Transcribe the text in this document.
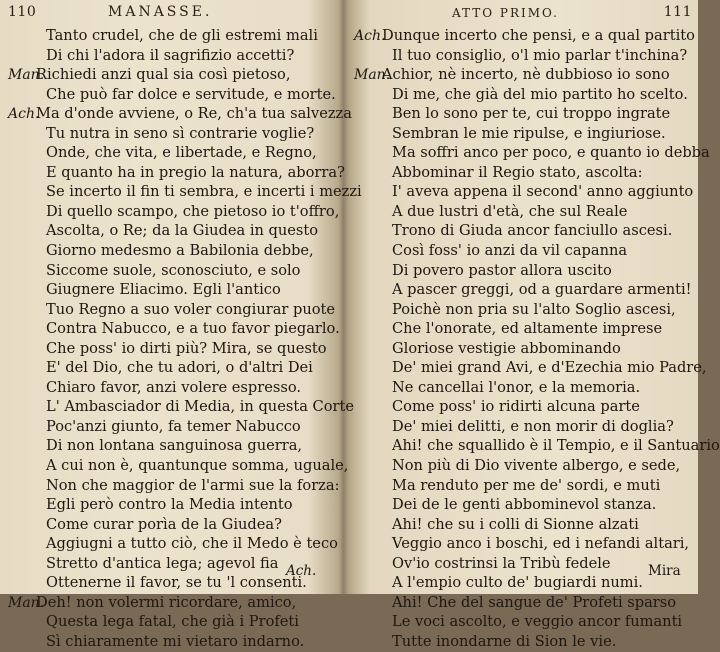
110	MANASSE.
Tanto crudel, che de gli estremi mali
Di chi l'adora il sagrifizio accetti?
Man.Richiedi anzi qual sia così pietoso,
Che può far dolce e servitude, e morte.
Ach.Ma d'onde avviene, o Re, ch'a tua salvezza
Tu nutra in seno sì contrarie voglie?
Onde, che vita, e libertade, e Regno,
E quanto ha in pregio la natura, aborra?
Se incerto il fin ti sembra, e incerti i mezzi
Di quello scampo, che pietoso io t'offro,
Ascolta, o Re; da la Giudea in questo
Giorno medesmo a Babilonia debbe,
Siccome suole, sconosciuto, e solo
Giugnere Eliacimo. Egli l'antico
Tuo Regno a suo voler congiurar puote
Contra Nabucco, e a tuo favor piegarlo.
Che poss' io dirti più? Mira, se questo
E' del Dio, che tu adori, o d'altri Dei
Chiaro favor, anzi volere espresso.
L' Ambasciador di Media, in questa Corte
Poc'anzi giunto, fa temer Nabucco
Di non lontana sanguinosa guerra,
A cui non è, quantunque somma, uguale,
Non che maggior de l'armi sue la forza:
Egli però contro la Media intento
Come curar porìa de la Giudea?
Aggiugni a tutto ciò, che il Medo è teco
Stretto d'antica lega; agevol fia
Ottenerne il favor, se tu 'l consenti.
Man.Deh! non volermi ricordare, amico,
Questa lega fatal, che già i Profeti
Sì chiaramente mi vietaro indarno.
Ach.
ATTO PRIMO.	111
Ach.Dunque incerto che pensi, e a qual partito
Il tuo consiglio, o'l mio parlar t'inchina?
Man.Achior, nè incerto, nè dubbioso io sono
Di me, che già del mio partito ho scelto.
Ben lo sono per te, cui troppo ingrate
Sembran le mie ripulse, e ingiuriose.
Ma soffri anco per poco, e quanto io debba
Abbominar il Regio stato, ascolta:
I' aveva appena il second' anno aggiunto
A due lustri d'età, che sul Reale
Trono di Giuda ancor fanciullo ascesi.
Così foss' io anzi da vil capanna
Di povero pastor allora uscito
A pascer greggi, od a guardare armenti!
Poichè non pria su l'alto Soglio ascesi,
Che l'onorate, ed altamente imprese
Gloriose vestigie abbominando
De' miei grand Avi, e d'Ezechia mio Padre,
Ne cancellai l'onor, e la memoria.
Come poss' io ridirti alcuna parte
De' miei delitti, e non morir di doglia?
Ahi! che squallido è il Tempio, e il Santuario
Non più di Dio vivente albergo, e sede,
Ma renduto per me de' sordi, e muti
Dei de le genti abbominevol stanza.
Ahi! che su i colli di Sionne alzati
Veggio anco i boschi, ed i nefandi altari,
Ov'io costrinsi la Tribù fedele
A l'empio culto de' bugiardi numi.
Ahi! Che del sangue de' Profeti sparso
Le voci ascolto, e veggio ancor fumanti
Tutte inondarne di Sion le vie.
Mira
